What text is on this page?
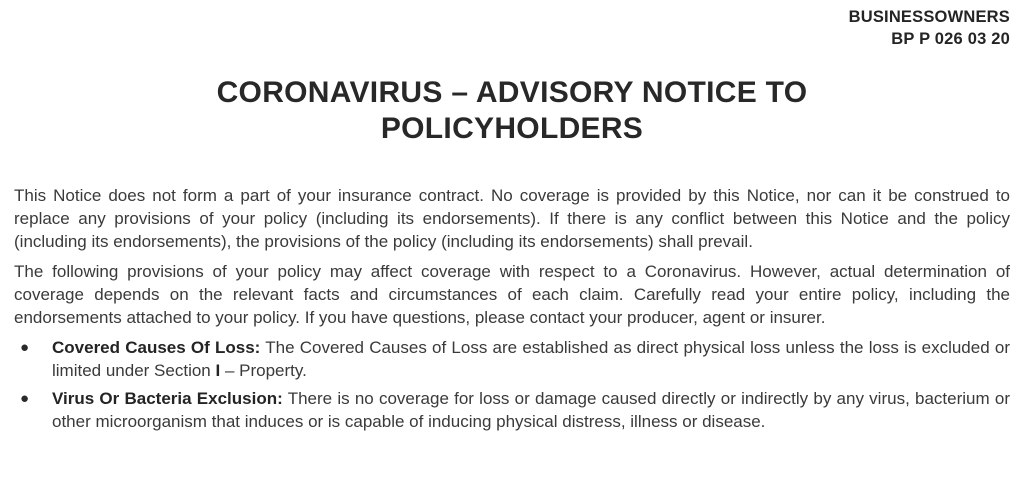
BUSINESSOWNERS
BP P 026 03 20
CORONAVIRUS – ADVISORY NOTICE TO
POLICYHOLDERS

This Notice does not form a part of your insurance contract. No coverage is provided by this Notice, nor can it be construed to replace any provisions of your policy (including its endorsements). If there is any conflict between this Notice and the policy (including its endorsements), the provisions of the policy (including its endorsements) shall prevail.

The following provisions of your policy may affect coverage with respect to a Coronavirus. However, actual determination of coverage depends on the relevant facts and circumstances of each claim. Carefully read your entire policy, including the endorsements attached to your policy. If you have questions, please contact your producer, agent or insurer.

●	Covered Causes Of Loss: The Covered Causes of Loss are established as direct physical loss unless the loss is excluded or limited under Section I – Property.
●	Virus Or Bacteria Exclusion: There is no coverage for loss or damage caused directly or indirectly by any virus, bacterium or other microorganism that induces or is capable of inducing physical distress, illness or disease.
